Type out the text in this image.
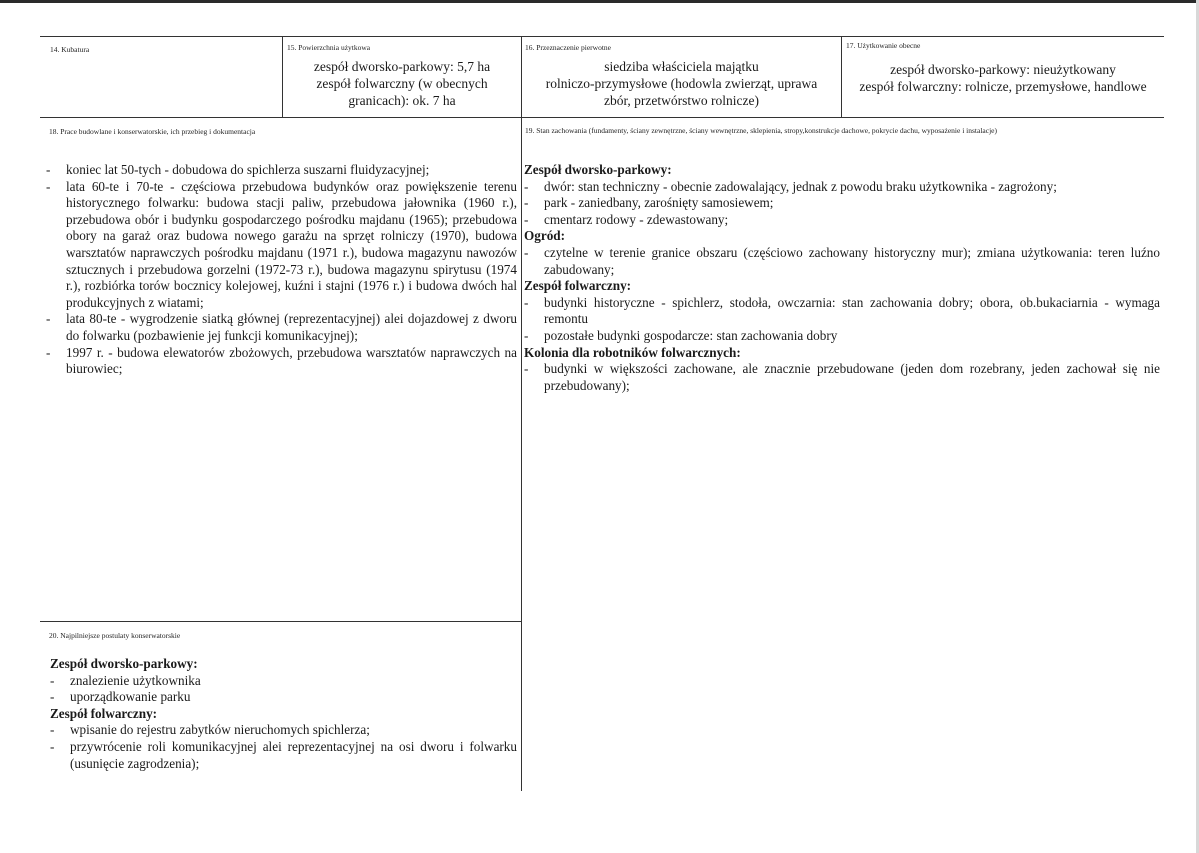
14. Kubatura	15. Powierzchnia użytkowa
zespół dworsko-parkowy: 5,7 ha
zespół folwarczny (w obecnych
granicach): ok. 7 ha
16. Przeznaczenie pierwotne
siedziba właściciela majątku
rolniczo-przymysłowe (hodowla zwierząt, uprawa
zbór, przetwórstwo rolnicze)
17. Użytkowanie obecne
zespół dworsko-parkowy: nieużytkowany
zespół folwarczny: rolnicze, przemysłowe, handlowe
18. Prace budowlane i konserwatorskie, ich przebieg i dokumentacja
- koniec lat 50-tych - dobudowa do spichlerza suszarni fluidyzacyjnej;
- lata 60-te i 70-te - częściowa przebudowa budynków oraz powiększenie terenu historycznego folwarku: budowa stacji paliw, przebudowa jałownika (1960 r.), przebudowa obór i budynku gospodarczego pośrodku majdanu (1965); przebudowa obory na garaż oraz budowa nowego garażu na sprzęt rolniczy (1970), budowa warsztatów naprawczych pośrodku majdanu (1971 r.), budowa magazynu nawozów sztucznych i przebudowa gorzelni (1972-73 r.), budowa magazynu spirytusu (1974 r.), rozbiórka torów bocznicy kolejowej, kuźni i stajni (1976 r.) i budowa dwóch hal produkcyjnych z wiatami;
- lata 80-te - wygrodzenie siatką głównej (reprezentacyjnej) alei dojazdowej z dworu do folwarku (pozbawienie jej funkcji komunikacyjnej);
- 1997 r. - budowa elewatorów zbożowych, przebudowa warsztatów naprawczych na biurowiec;
19. Stan zachowania (fundamenty, ściany zewnętrzne, ściany wewnętrzne, sklepienia, stropy,konstrukcje dachowe, pokrycie dachu, wyposażenie i instalacje)
Zespół dworsko-parkowy:
- dwór: stan techniczny - obecnie zadowalający, jednak z powodu braku użytkownika - zagrożony;
- park - zaniedbany, zarośnięty samosiewem;
- cmentarz rodowy - zdewastowany;
Ogród:
- czytelne w terenie granice obszaru (częściowo zachowany historyczny mur); zmiana użytkowania: teren luźno zabudowany;
Zespół folwarczny:
- budynki historyczne - spichlerz, stodoła, owczarnia: stan zachowania dobry; obora, ob.bukaciarnia - wymaga remontu
- pozostałe budynki gospodarcze: stan zachowania dobry
Kolonia dla robotników folwarcznych:
- budynki w większości zachowane, ale znacznie przebudowane (jeden dom rozebrany, jeden zachował się nie przebudowany);
20. Najpilniejsze postulaty konserwatorskie
Zespół dworsko-parkowy:
- znalezienie użytkownika
- uporządkowanie parku
Zespół folwarczny:
- wpisanie do rejestru zabytków nieruchomych spichlerza;
- przywrócenie roli komunikacyjnej alei reprezentacyjnej na osi dworu i folwarku (usunięcie zagrodzenia);
